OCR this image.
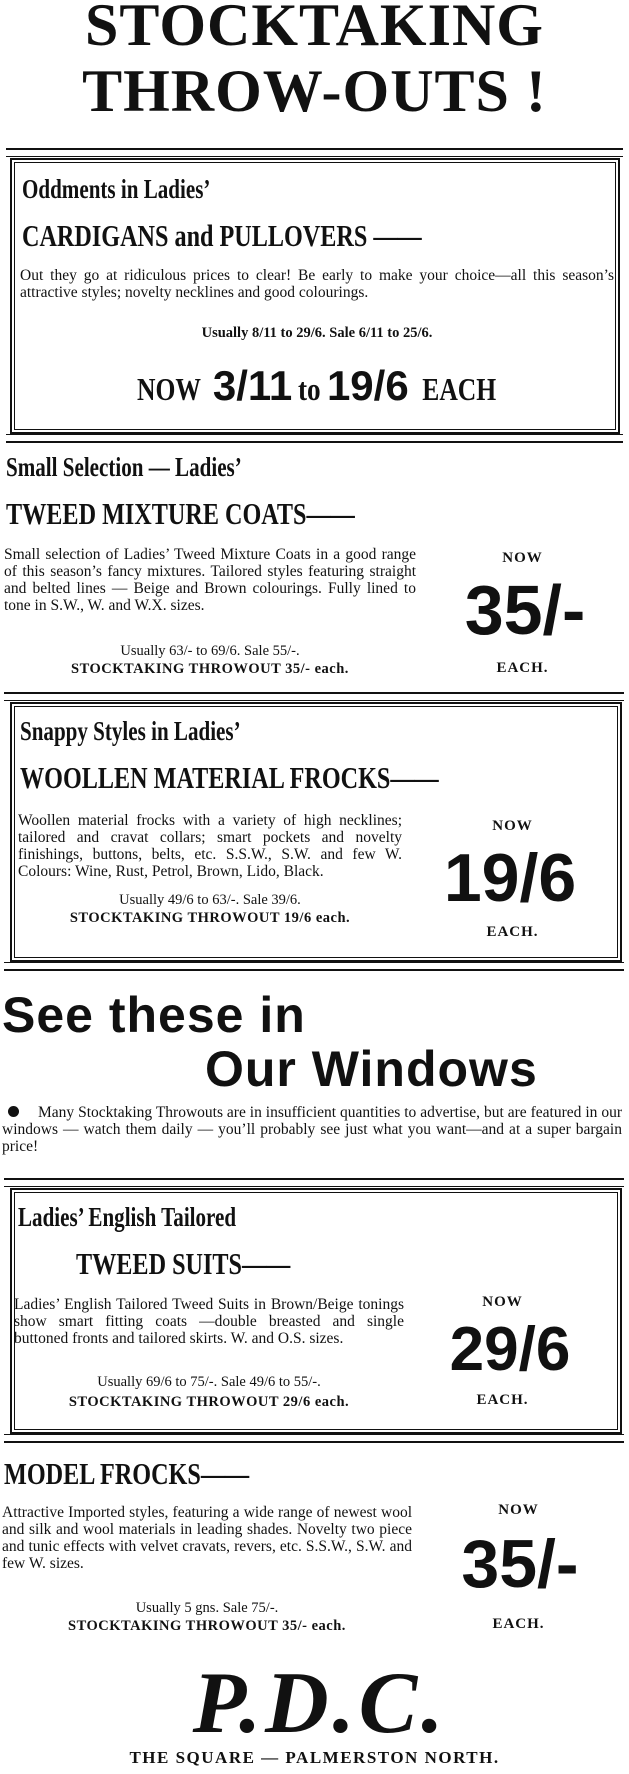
STOCKTAKING
THROW-OUTS !
Oddments in Ladies’
CARDIGANS and PULLOVERS ——
Out they go at ridiculous prices to clear! Be early to make your choice—all this season’s attractive styles; novelty necklines and good colourings.
Usually 8/11 to 29/6. Sale 6/11 to 25/6.
NOW 3/11 to 19/6 EACH
Small Selection — Ladies’
TWEED MIXTURE COATS——
Small selection of Ladies’ Tweed Mixture Coats in a good range of this season’s fancy mixtures. Tailored styles featuring straight and belted lines — Beige and Brown colourings. Fully lined to tone in S.W., W. and W.X. sizes.
Usually 63/- to 69/6. Sale 55/-.
STOCKTAKING THROWOUT 35/- each.
NOW
35/-
EACH.
Snappy Styles in Ladies’
WOOLLEN MATERIAL FROCKS——
Woollen material frocks with a variety of high necklines; tailored and cravat collars; smart pockets and novelty finishings, buttons, belts, etc. S.S.W., S.W. and few W. Colours: Wine, Rust, Petrol, Brown, Lido, Black.
Usually 49/6 to 63/-. Sale 39/6.
STOCKTAKING THROWOUT 19/6 each.
NOW
19/6
EACH.
See these in
Our Windows
Many Stocktaking Throwouts are in insufficient quantities to advertise, but are featured in our windows — watch them daily — you’ll probably see just what you want—and at a super bargain price!
Ladies’ English Tailored
TWEED SUITS——
Ladies’ English Tailored Tweed Suits in Brown/Beige tonings show smart fitting coats —double breasted and single buttoned fronts and tailored skirts. W. and O.S. sizes.
Usually 69/6 to 75/-. Sale 49/6 to 55/-.
STOCKTAKING THROWOUT 29/6 each.
NOW
29/6
EACH.
MODEL FROCKS——
Attractive Imported styles, featuring a wide range of newest wool and silk and wool materials in leading shades. Novelty two piece and tunic effects with velvet cravats, revers, etc. S.S.W., S.W. and few W. sizes.
Usually 5 gns. Sale 75/-.
STOCKTAKING THROWOUT 35/- each.
NOW
35/-
EACH.
P.D.C.
THE SQUARE — PALMERSTON NORTH.
